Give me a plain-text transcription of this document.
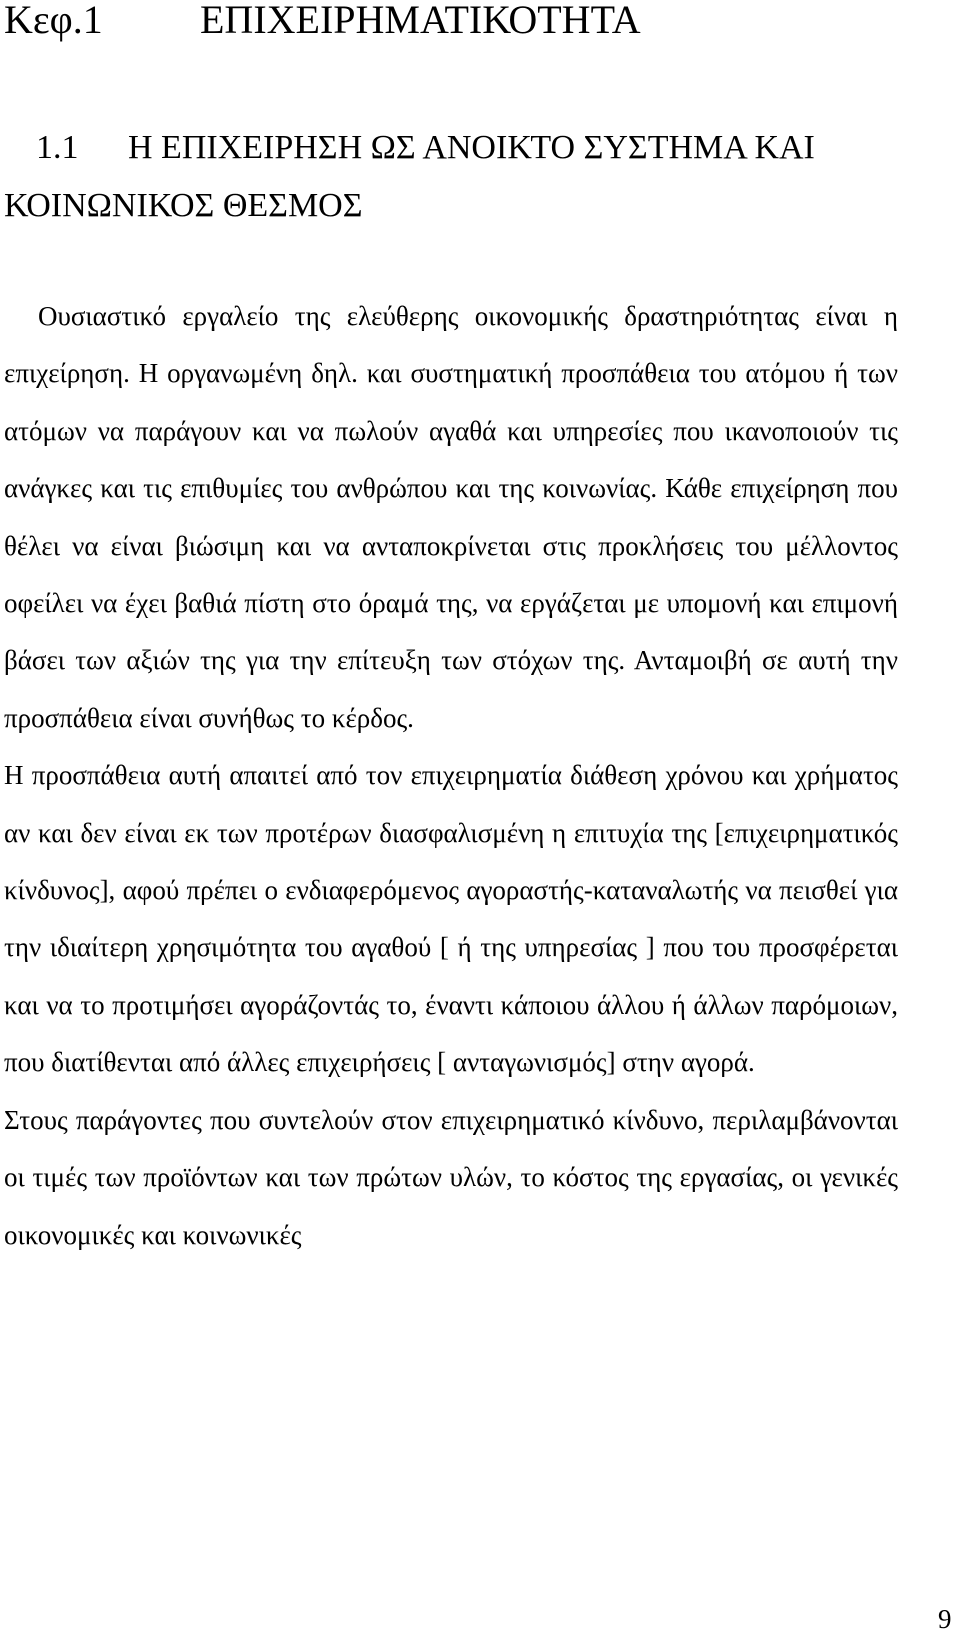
Κεφ.1 ΕΠΙΧΕΙΡΗΜΑΤΙΚΟΤΗΤΑ
1.1 Η ΕΠΙΧΕΙΡΗΣΗ ΩΣ ΑΝΟΙΚΤΟ ΣΥΣΤΗΜΑ ΚΑΙ ΚΟΙΝΩΝΙΚΟΣ ΘΕΣΜΟΣ

Ουσιαστικό εργαλείο της ελεύθερης οικονομικής δραστηριότητας είναι η επιχείρηση. Η οργανωμένη δηλ. και συστηματική προσπάθεια του ατόμου ή των ατόμων να παράγουν και να πωλούν αγαθά και υπηρεσίες που ικανοποιούν τις ανάγκες και τις επιθυμίες του ανθρώπου και της κοινωνίας. Κάθε επιχείρηση που θέλει να είναι βιώσιμη και να ανταποκρίνεται στις προκλήσεις του μέλλοντος οφείλει να έχει βαθιά πίστη στο όραμά της, να εργάζεται με υπομονή και επιμονή βάσει των αξιών της για την επίτευξη των στόχων της. Ανταμοιβή σε αυτή την προσπάθεια είναι συνήθως το κέρδος.

Η προσπάθεια αυτή απαιτεί από τον επιχειρηματία διάθεση χρόνου και χρήματος αν και δεν είναι εκ των προτέρων διασφαλισμένη η επιτυχία της [επιχειρηματικός κίνδυνος], αφού πρέπει ο ενδιαφερόμενος αγοραστής-καταναλωτής να πεισθεί για την ιδιαίτερη χρησιμότητα του αγαθού [ ή της υπηρεσίας ] που του προσφέρεται και να το προτιμήσει αγοράζοντάς το, έναντι κάποιου άλλου ή άλλων παρόμοιων, που διατίθενται από άλλες επιχειρήσεις [ ανταγωνισμός] στην αγορά.

Στους παράγοντες που συντελούν στον επιχειρηματικό κίνδυνο, περιλαμβάνονται οι τιμές των προϊόντων και των πρώτων υλών, το κόστος της εργασίας, οι γενικές οικονομικές και κοινωνικές

9
